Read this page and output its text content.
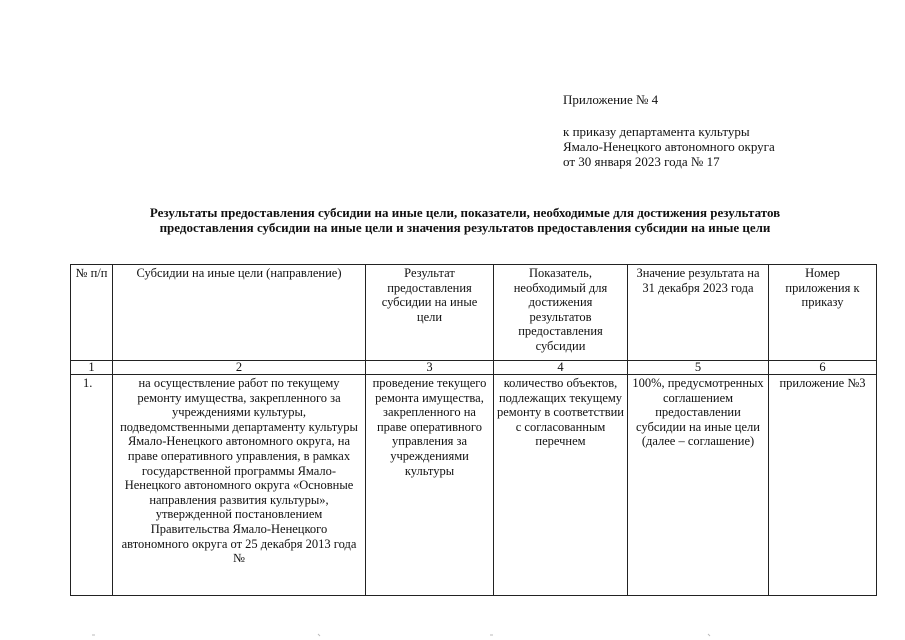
Приложение № 4
к приказу департамента культуры
Ямало-Ненецкого автономного округа
от 30 января 2023 года № 17
Результаты предоставления субсидии на иные цели, показатели, необходимые для достижения результатов
предоставления субсидии на иные цели и значения результатов предоставления субсидии на иные цели
№ п/п	Субсидии на иные цели (направление)	Результат предоставления субсидии на иные цели	Показатель, необходимый для достижения результатов предоставления субсидии	Значение результата на 31 декабря 2023 года	Номер приложения к приказу
1	2	3	4	5	6
1.	на осуществление работ по текущему ремонту имущества, закрепленного за учреждениями культуры, подведомственными департаменту культуры Ямало-Ненецкого автономного округа, на праве оперативного управления, в рамках государственной программы Ямало-Ненецкого автономного округа «Основные направления развития культуры», утвержденной постановлением Правительства Ямало-Ненецкого автономного округа от 25 декабря 2013 года №	проведение текущего ремонта имущества, закрепленного на праве оперативного управления за учреждениями культуры	количество объектов, подлежащих текущему ремонту в соответствии с согласованным перечнем	100%, предусмотренных соглашением предоставлении субсидии на иные цели (далее – соглашение)	приложение №3
